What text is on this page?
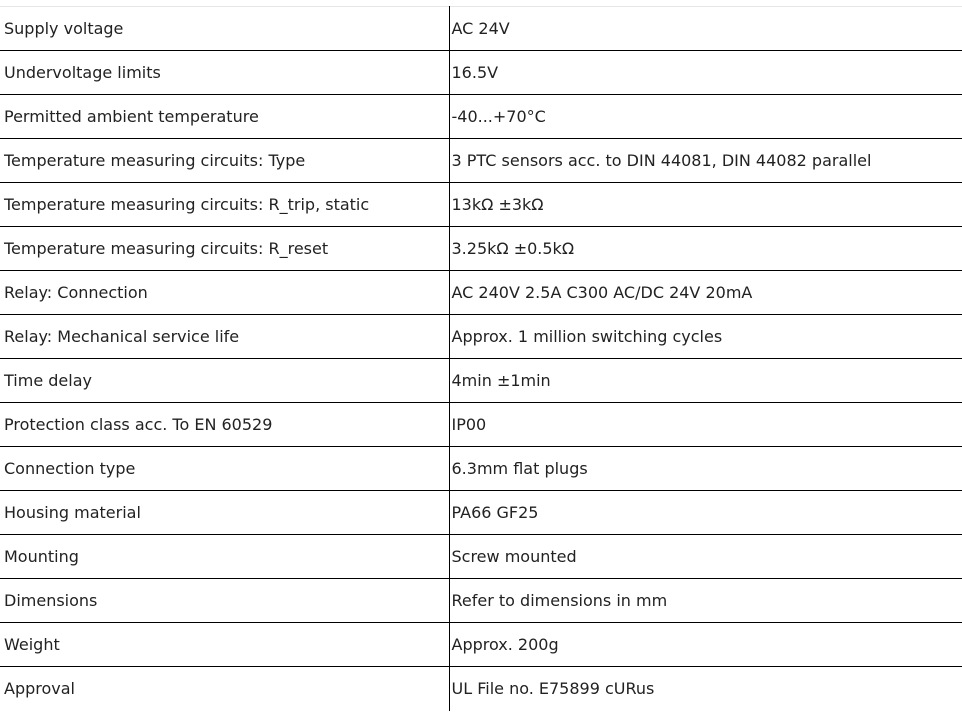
Supply voltage	AC 24V
Undervoltage limits	16.5V
Permitted ambient temperature	-40...+70°C
Temperature measuring circuits: Type	3 PTC sensors acc. to DIN 44081, DIN 44082 parallel
Temperature measuring circuits: R_trip, static	13kΩ ±3kΩ
Temperature measuring circuits: R_reset	3.25kΩ ±0.5kΩ
Relay: Connection	AC 240V 2.5A C300 AC/DC 24V 20mA
Relay: Mechanical service life	Approx. 1 million switching cycles
Time delay	4min ±1min
Protection class acc. To EN 60529	IP00
Connection type	6.3mm flat plugs
Housing material	PA66 GF25
Mounting	Screw mounted
Dimensions	Refer to dimensions in mm
Weight	Approx. 200g
Approval	UL File no. E75899 cURus
